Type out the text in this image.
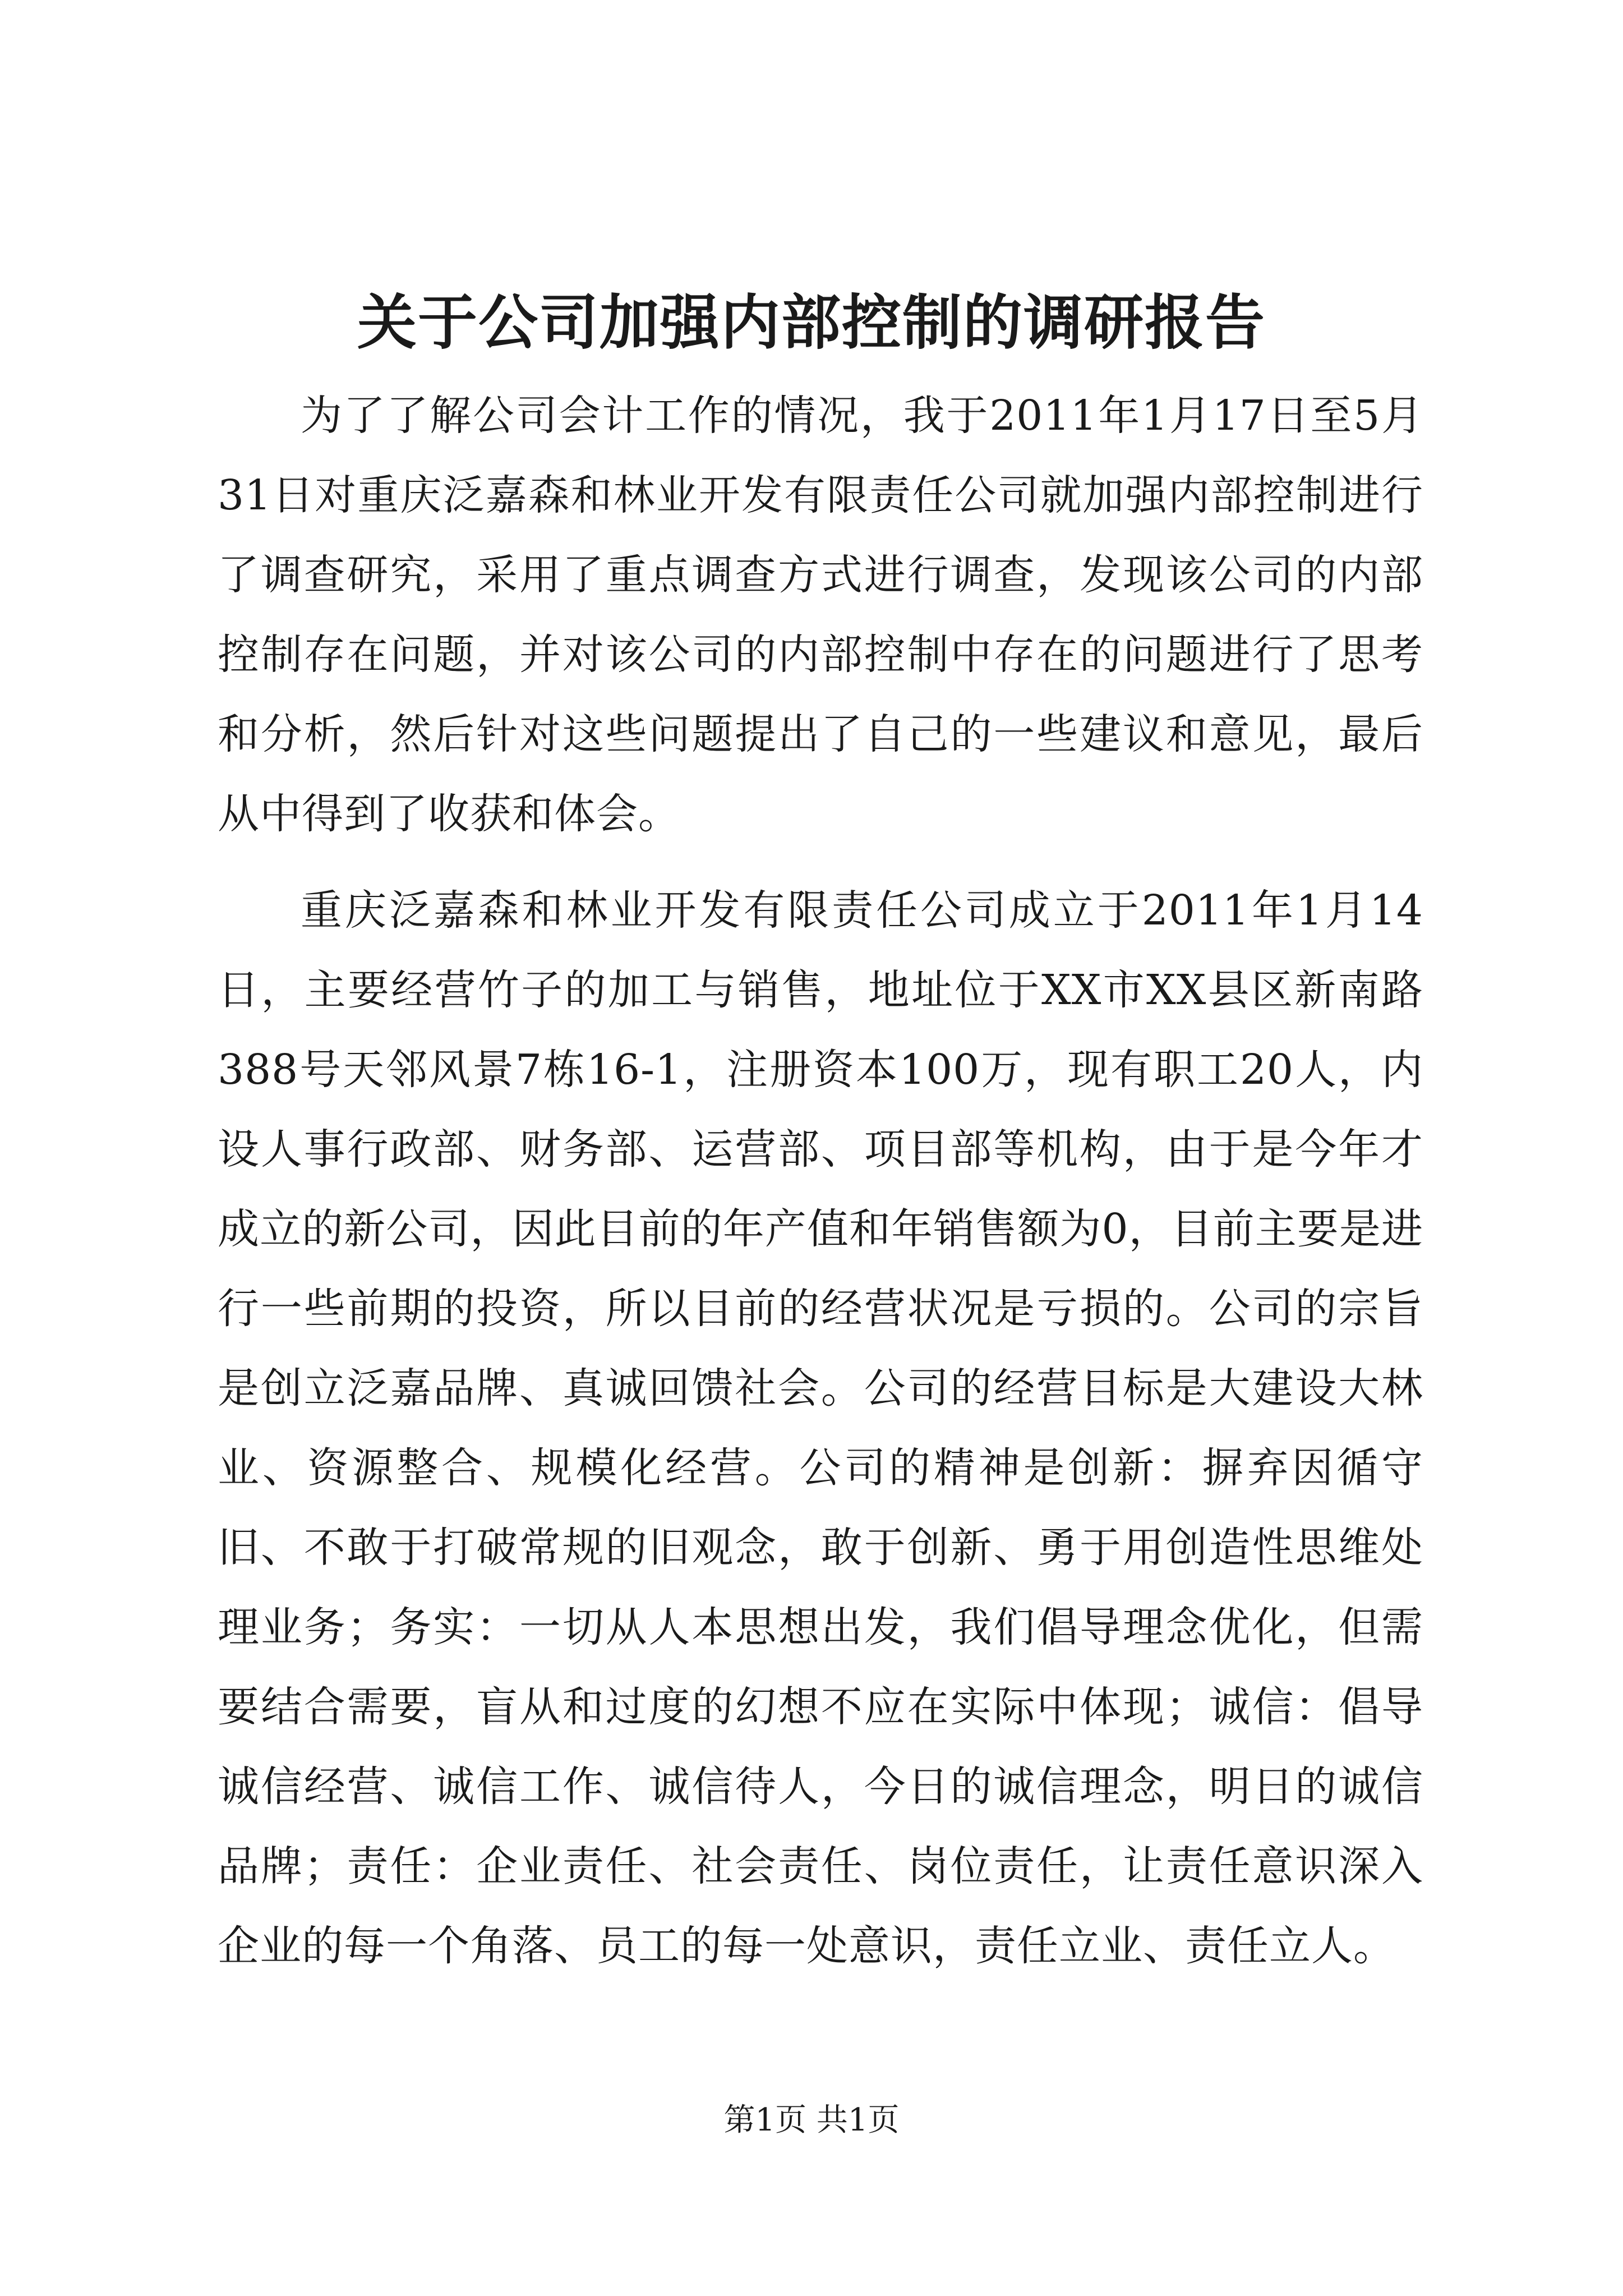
关于公司加强内部控制的调研报告

为了了解公司会计工作的情况，我于2011年1月17日至5月31日对重庆泛嘉森和林业开发有限责任公司就加强内部控制进行了调查研究，采用了重点调查方式进行调查，发现该公司的内部控制存在问题，并对该公司的内部控制中存在的问题进行了思考和分析，然后针对这些问题提出了自己的一些建议和意见，最后从中得到了收获和体会。

重庆泛嘉森和林业开发有限责任公司成立于2011年1月14日，主要经营竹子的加工与销售，地址位于XX市XX县区新南路388号天邻风景7栋16-1，注册资本100万，现有职工20人，内设人事行政部、财务部、运营部、项目部等机构，由于是今年才成立的新公司，因此目前的年产值和年销售额为0，目前主要是进行一些前期的投资，所以目前的经营状况是亏损的。公司的宗旨是创立泛嘉品牌、真诚回馈社会。公司的经营目标是大建设大林业、资源整合、规模化经营。公司的精神是创新：摒弃因循守旧、不敢于打破常规的旧观念，敢于创新、勇于用创造性思维处理业务；务实：一切从人本思想出发，我们倡导理念优化，但需要结合需要，盲从和过度的幻想不应在实际中体现；诚信：倡导诚信经营、诚信工作、诚信待人，今日的诚信理念，明日的诚信品牌；责任：企业责任、社会责任、岗位责任，让责任意识深入企业的每一个角落、员工的每一处意识，责任立业、责任立人。

第1页 共1页
